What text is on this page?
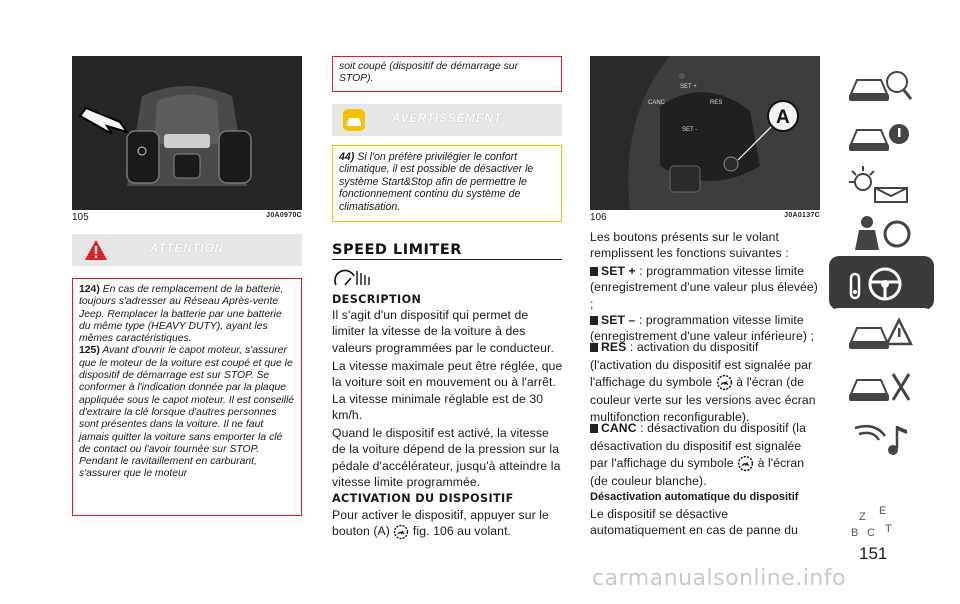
105	J0A0970C
ATTENTION
124) En cas de remplacement de la batterie, toujours s'adresser au Réseau Après-vente Jeep. Remplacer la batterie par une batterie du même type (HEAVY DUTY), ayant les mêmes caractéristiques.
125) Avant d'ouvrir le capot moteur, s'assurer que le moteur de la voiture est coupé et que le dispositif de démarrage est sur STOP. Se conformer à l'indication donnée par la plaque appliquée sous le capot moteur. Il est conseillé d'extraire la clé lorsque d'autres personnes sont présentes dans la voiture. Il ne faut jamais quitter la voiture sans emporter la clé de contact ou l'avoir tournée sur STOP. Pendant le ravitaillement en carburant, s'assurer que le moteur
soit coupé (dispositif de démarrage sur STOP).
AVERTISSEMENT
44) Si l'on préfère privilégier le confort climatique, il est possible de désactiver le système Start&Stop afin de permettre le fonctionnement continu du système de climatisation.
SPEED LIMITER
DESCRIPTION
Il s'agit d'un dispositif qui permet de limiter la vitesse de la voiture à des valeurs programmées par le conducteur.
La vitesse maximale peut être réglée, que la voiture soit en mouvement ou à l'arrêt. La vitesse minimale réglable est de 30 km/h.
Quand le dispositif est activé, la vitesse de la voiture dépend de la pression sur la pédale d'accélérateur, jusqu'à atteindre la vitesse limite programmée.
ACTIVATION DU DISPOSITIF
Pour activer le dispositif, appuyer sur le
bouton (A) fig. 106 au volant.
CANC
SET +
RES
SET -
A
106	J0A0137C
Les boutons présents sur le volant remplissent les fonctions suivantes :
SET + : programmation vitesse limite (enregistrement d'une valeur plus élevée) ;
SET – : programmation vitesse limite (enregistrement d'une valeur inférieure) ;
RES : activation du dispositif (l'activation du dispositif est signalée par l'affichage du symbole à l'écran (de couleur verte sur les versions avec écran multifonction reconfigurable).
CANC : désactivation du dispositif (la désactivation du dispositif est signalée par l'affichage du symbole à l'écran (de couleur blanche).
Désactivation automatique du dispositif
Le dispositif se désactive automatiquement en cas de panne du
Z E
B C T
151
carmanualsonline.info
